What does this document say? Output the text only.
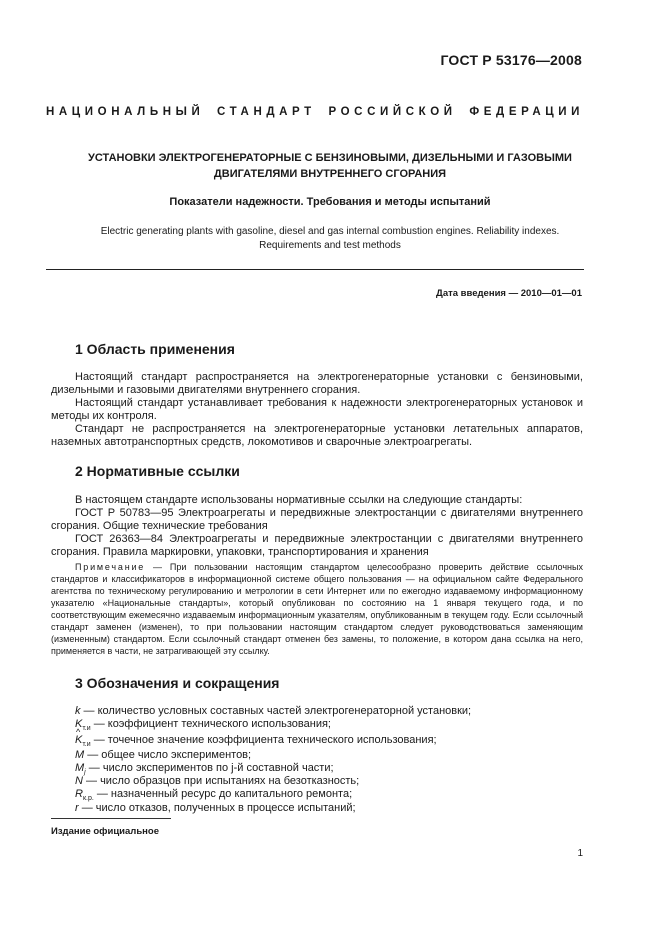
ГОСТ Р 53176—2008
НАЦИОНАЛЬНЫЙ СТАНДАРТ РОССИЙСКОЙ ФЕДЕРАЦИИ
УСТАНОВКИ ЭЛЕКТРОГЕНЕРАТОРНЫЕ С БЕНЗИНОВЫМИ, ДИЗЕЛЬНЫМИ И ГАЗОВЫМИ
ДВИГАТЕЛЯМИ ВНУТРЕННЕГО СГОРАНИЯ
Показатели надежности. Требования и методы испытаний
Electric generating plants with gasoline, diesel and gas internal combustion engines. Reliability indexes.
Requirements and test methods
Дата введения — 2010—01—01
1 Область применения
Настоящий стандарт распространяется на электрогенераторные установки с бензиновыми, дизельными и газовыми двигателями внутреннего сгорания.
Настоящий стандарт устанавливает требования к надежности электрогенераторных установок и методы их контроля.
Стандарт не распространяется на электрогенераторные установки летательных аппаратов, наземных автотранспортных средств, локомотивов и сварочные электроагрегаты.
2 Нормативные ссылки
В настоящем стандарте использованы нормативные ссылки на следующие стандарты:
ГОСТ Р 50783—95 Электроагрегаты и передвижные электростанции с двигателями внутреннего сгорания. Общие технические требования
ГОСТ 26363—84 Электроагрегаты и передвижные электростанции с двигателями внутреннего сгорания. Правила маркировки, упаковки, транспортирования и хранения
Примечание — При пользовании настоящим стандартом целесообразно проверить действие ссылочных стандартов и классификаторов в информационной системе общего пользования — на официальном сайте Федерального агентства по техническому регулированию и метрологии в сети Интернет или по ежегодно издаваемому информационному указателю «Национальные стандарты», который опубликован по состоянию на 1 января текущего года, и по соответствующим ежемесячно издаваемым информационным указателям, опубликованным в текущем году. Если ссылочный стандарт заменен (изменен), то при пользовании настоящим стандартом следует руководствоваться заменяющим (измененным) стандартом. Если ссылочный стандарт отменен без замены, то положение, в котором дана ссылка на него, применяется в части, не затрагивающей эту ссылку.
3 Обозначения и сокращения
k — количество условных составных частей электрогенераторной установки;
$K_{т.и}$ — коэффициент технического использования;
^ $K_{т.и}$ — точечное значение коэффициента технического использования;
M — общее число экспериментов;
$M_j$ — число экспериментов по j-й составной части;
N — число образцов при испытаниях на безотказность;
$R_{к.р.}$ — назначенный ресурс до капитального ремонта;
r — число отказов, полученных в процессе испытаний;
Издание официальное
1
